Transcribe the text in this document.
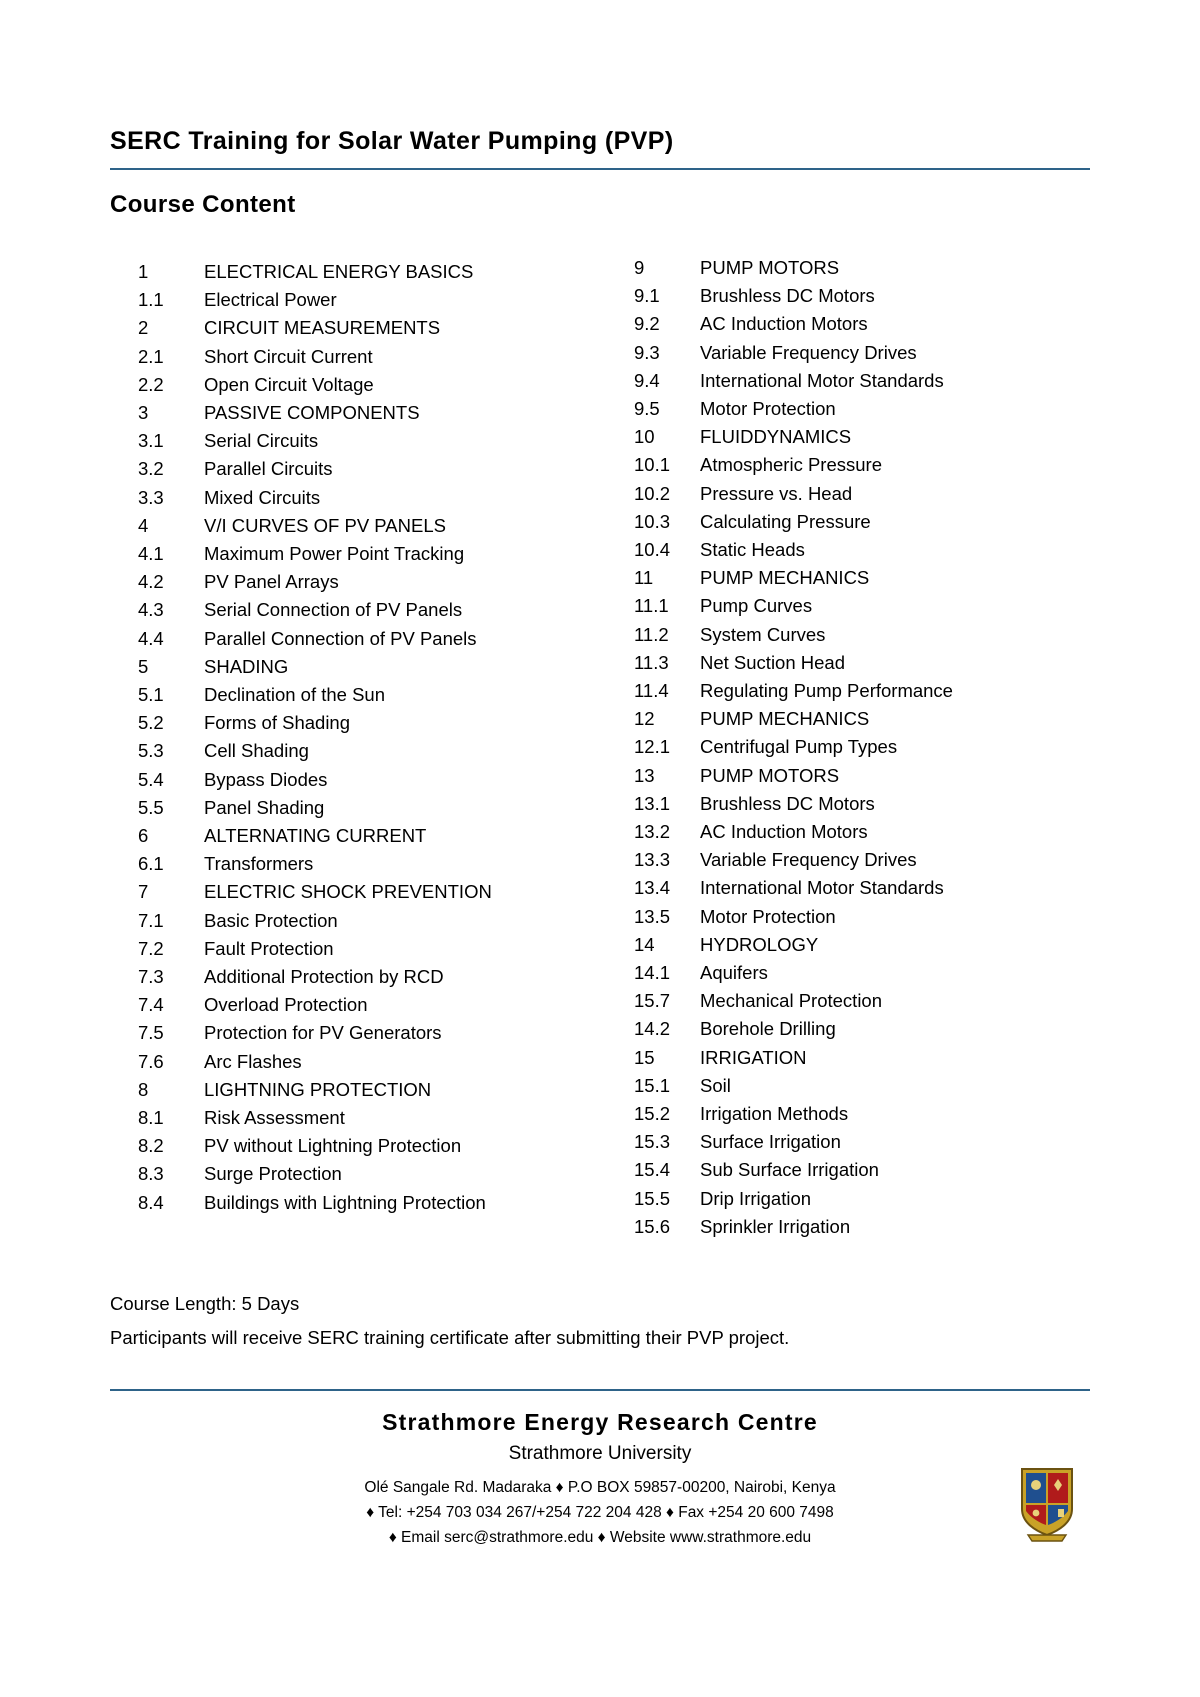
SERC Training for Solar Water Pumping (PVP)
Course Content
1	ELECTRICAL ENERGY BASICS
1.1	Electrical Power
2	CIRCUIT MEASUREMENTS
2.1	Short Circuit Current
2.2	Open Circuit Voltage
3	PASSIVE COMPONENTS
3.1	Serial Circuits
3.2	Parallel Circuits
3.3	Mixed Circuits
4	V/I CURVES OF PV PANELS
4.1	Maximum Power Point Tracking
4.2	PV Panel Arrays
4.3	Serial Connection of PV Panels
4.4	Parallel Connection of PV Panels
5	SHADING
5.1	Declination of the Sun
5.2	Forms of Shading
5.3	Cell Shading
5.4	Bypass Diodes
5.5	Panel Shading
6	ALTERNATING CURRENT
6.1	Transformers
7	ELECTRIC SHOCK PREVENTION
7.1	Basic Protection
7.2	Fault Protection
7.3	Additional Protection by RCD
7.4	Overload Protection
7.5	Protection for PV Generators
7.6	Arc Flashes
8	LIGHTNING PROTECTION
8.1	Risk Assessment
8.2	PV without Lightning Protection
8.3	Surge Protection
8.4	Buildings with Lightning Protection
9	PUMP MOTORS
9.1	Brushless DC Motors
9.2	AC Induction Motors
9.3	Variable Frequency Drives
9.4	International Motor Standards
9.5	Motor Protection
10	FLUIDDYNAMICS
10.1	Atmospheric Pressure
10.2	Pressure vs. Head
10.3	Calculating Pressure
10.4	Static Heads
11	PUMP MECHANICS
11.1	Pump Curves
11.2	System Curves
11.3	Net Suction Head
11.4	Regulating Pump Performance
12	PUMP MECHANICS
12.1	Centrifugal Pump Types
13	PUMP MOTORS
13.1	Brushless DC Motors
13.2	AC Induction Motors
13.3	Variable Frequency Drives
13.4	International Motor Standards
13.5	Motor Protection
14	HYDROLOGY
14.1	Aquifers
15.7	Mechanical Protection
14.2	Borehole Drilling
15	IRRIGATION
15.1	Soil
15.2	Irrigation Methods
15.3	Surface Irrigation
15.4	Sub Surface Irrigation
15.5	Drip Irrigation
15.6	Sprinkler Irrigation
Course Length: 5 Days
Participants will receive SERC training certificate after submitting their PVP project.
Strathmore Energy Research Centre
Strathmore University
Olé Sangale Rd. Madaraka ♦ P.O BOX 59857-00200, Nairobi, Kenya
♦ Tel: +254 703 034 267/+254 722 204 428 ♦ Fax +254 20 600 7498
♦ Email serc@strathmore.edu ♦ Website www.strathmore.edu
